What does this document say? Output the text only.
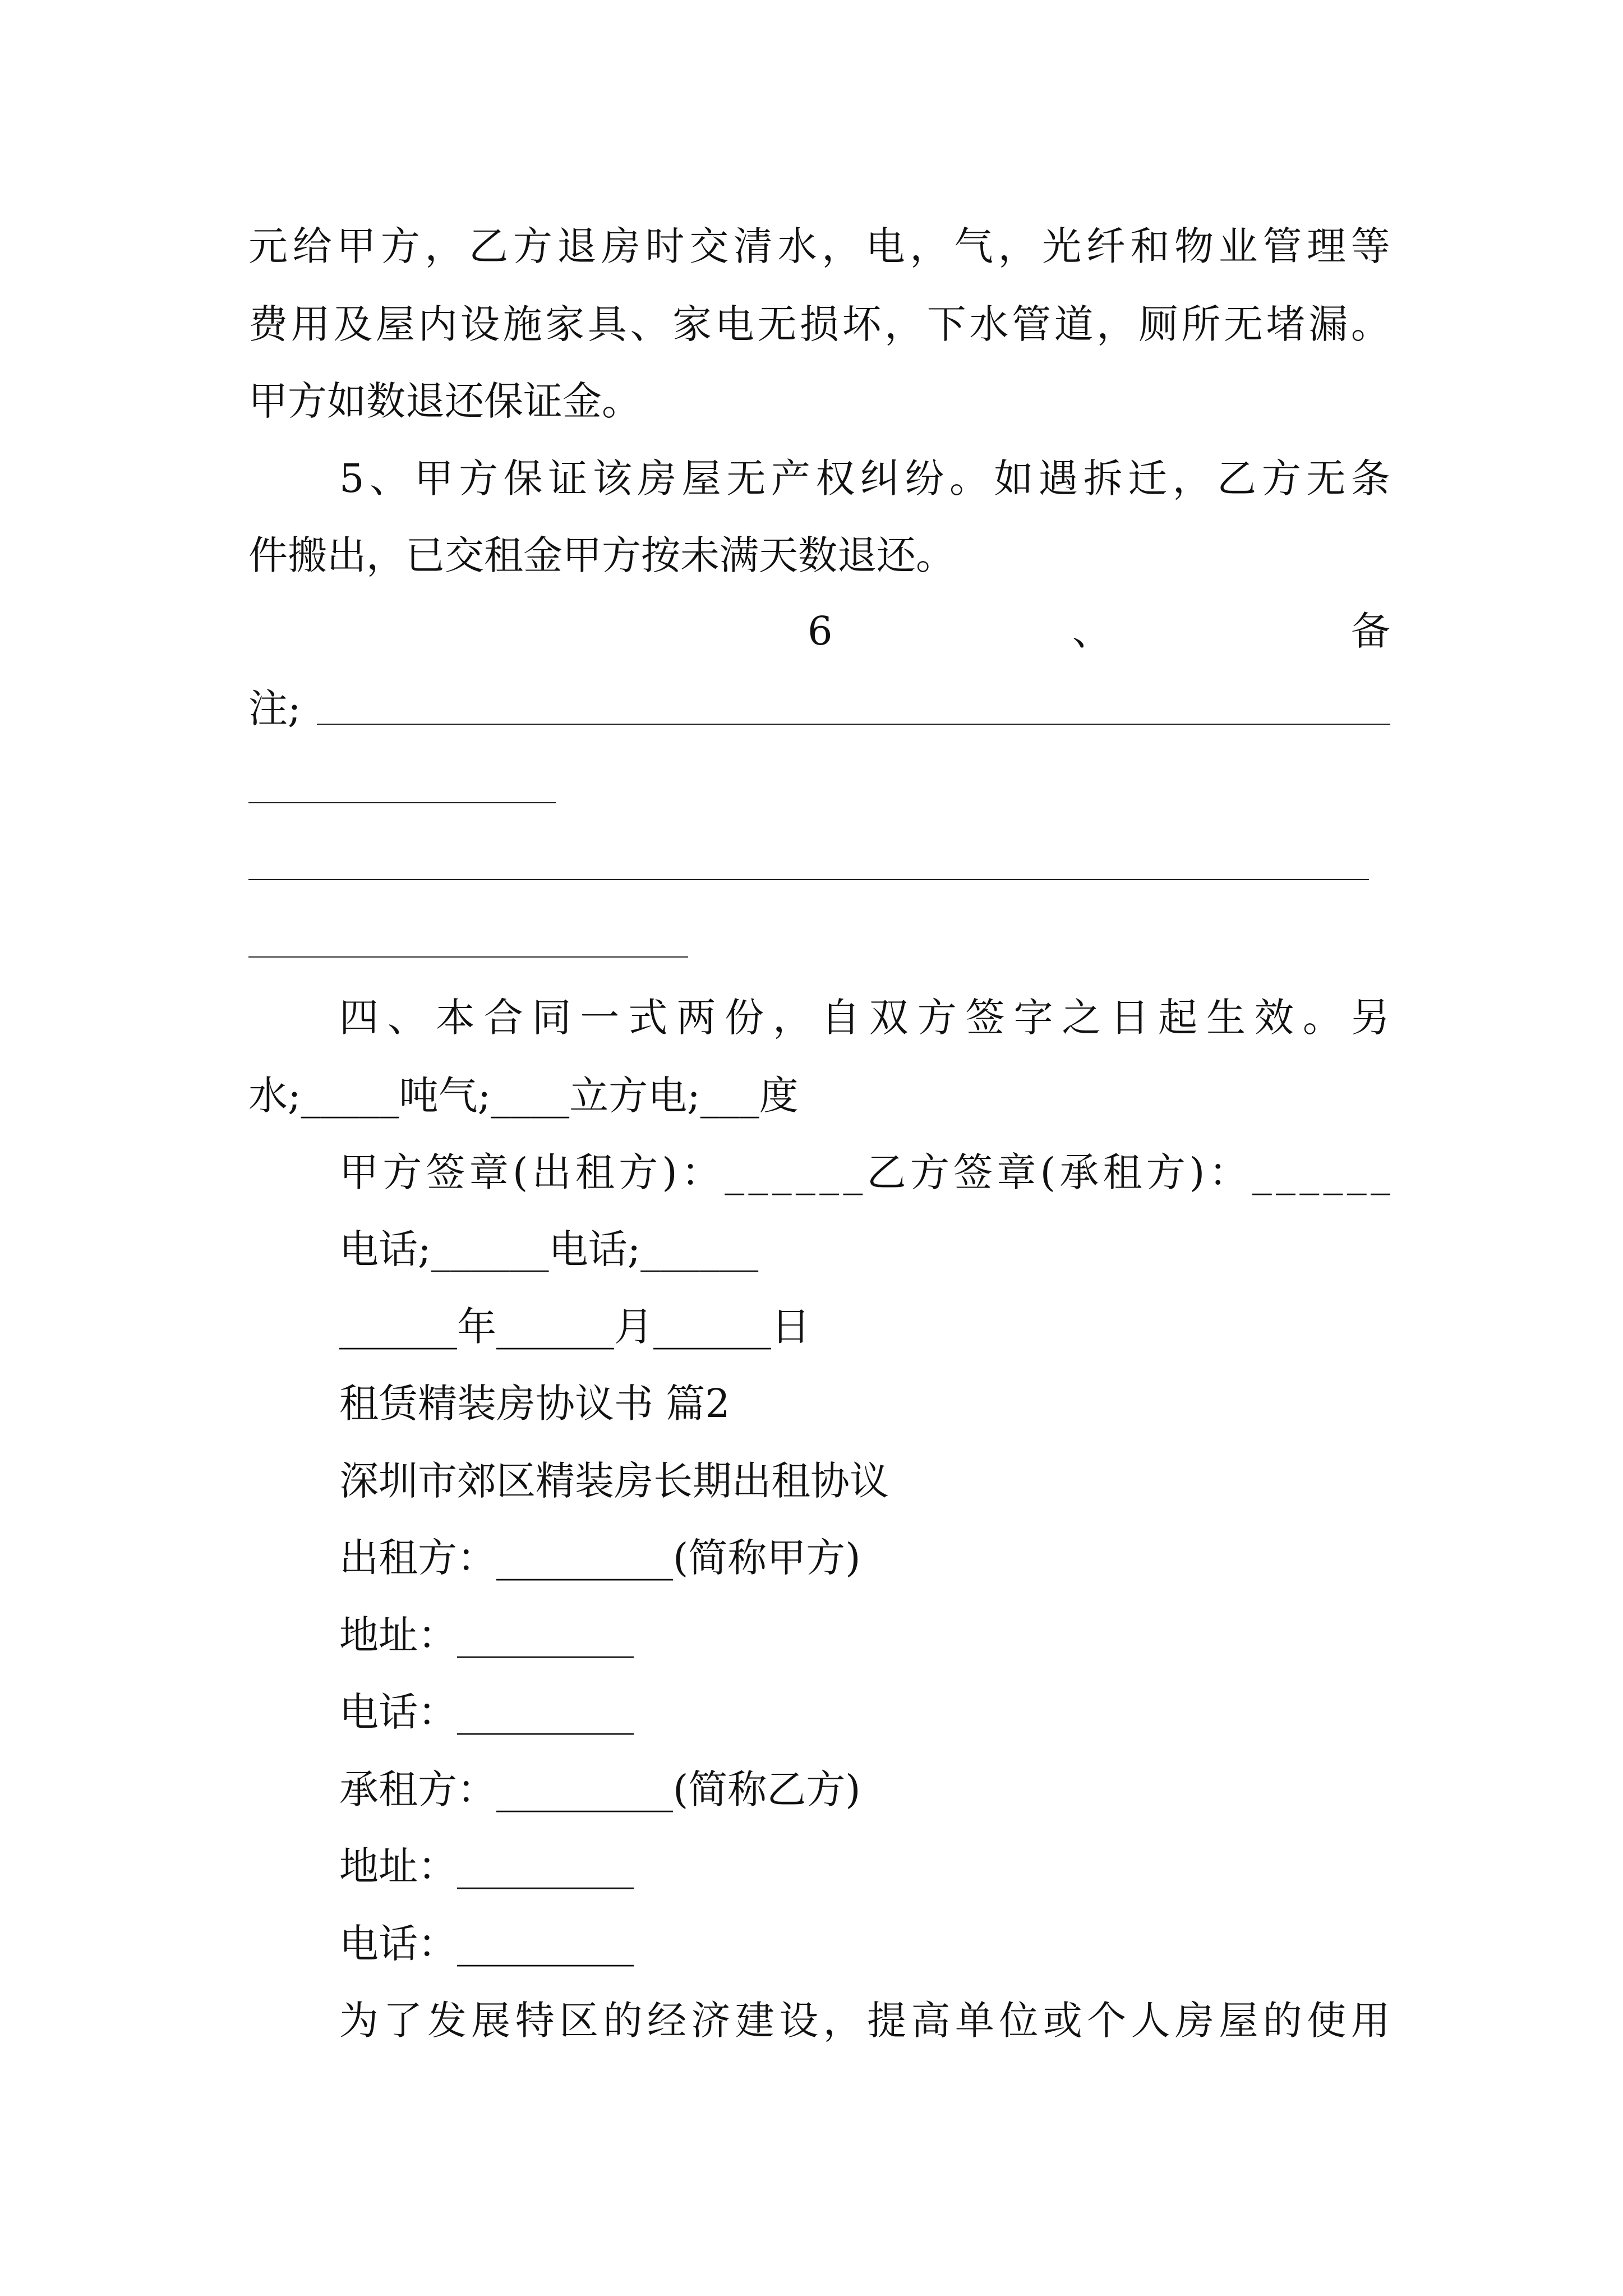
元 给 甲 方 ， 乙 方 退 房 时 交 清 水 ， 电 ， 气 ， 光 纤 和 物 业 管 理 等
费 用 及 屋 内 设 施 家 具 、 家 电 无 损 坏 ， 下 水 管 道 ， 厕 所 无 堵 漏 。
甲方如数退还保证金。
5 、 甲 方 保 证 该 房 屋 无 产 权 纠 纷 。 如 遇 拆 迁 ， 乙 方 无 条
件搬出，已交租金甲方按未满天数退还。
6

　	、

　	备
注;
四 、 本 合 同 一 式 两 份 ， 自 双 方 签 字 之 日 起 生 效 。 另
水;_____吨气;____立方电;___度
甲 方 签 章 ( 出 租 方 ) ： _ _ _ _ _ _ 乙 方 签 章 ( 承 租 方 ) ： _ _ _ _ _ _
电话;______电话;______
______年______月______日
租赁精装房协议书 篇2
深圳市郊区精装房长期出租协议
出租方：_________(简称甲方)
地址：_________
电话：_________
承租方：_________(简称乙方)
地址：_________
电话：_________
为 了 发 展 特 区 的 经 济 建 设 ， 提 高 单 位 或 个 人 房 屋 的 使 用
